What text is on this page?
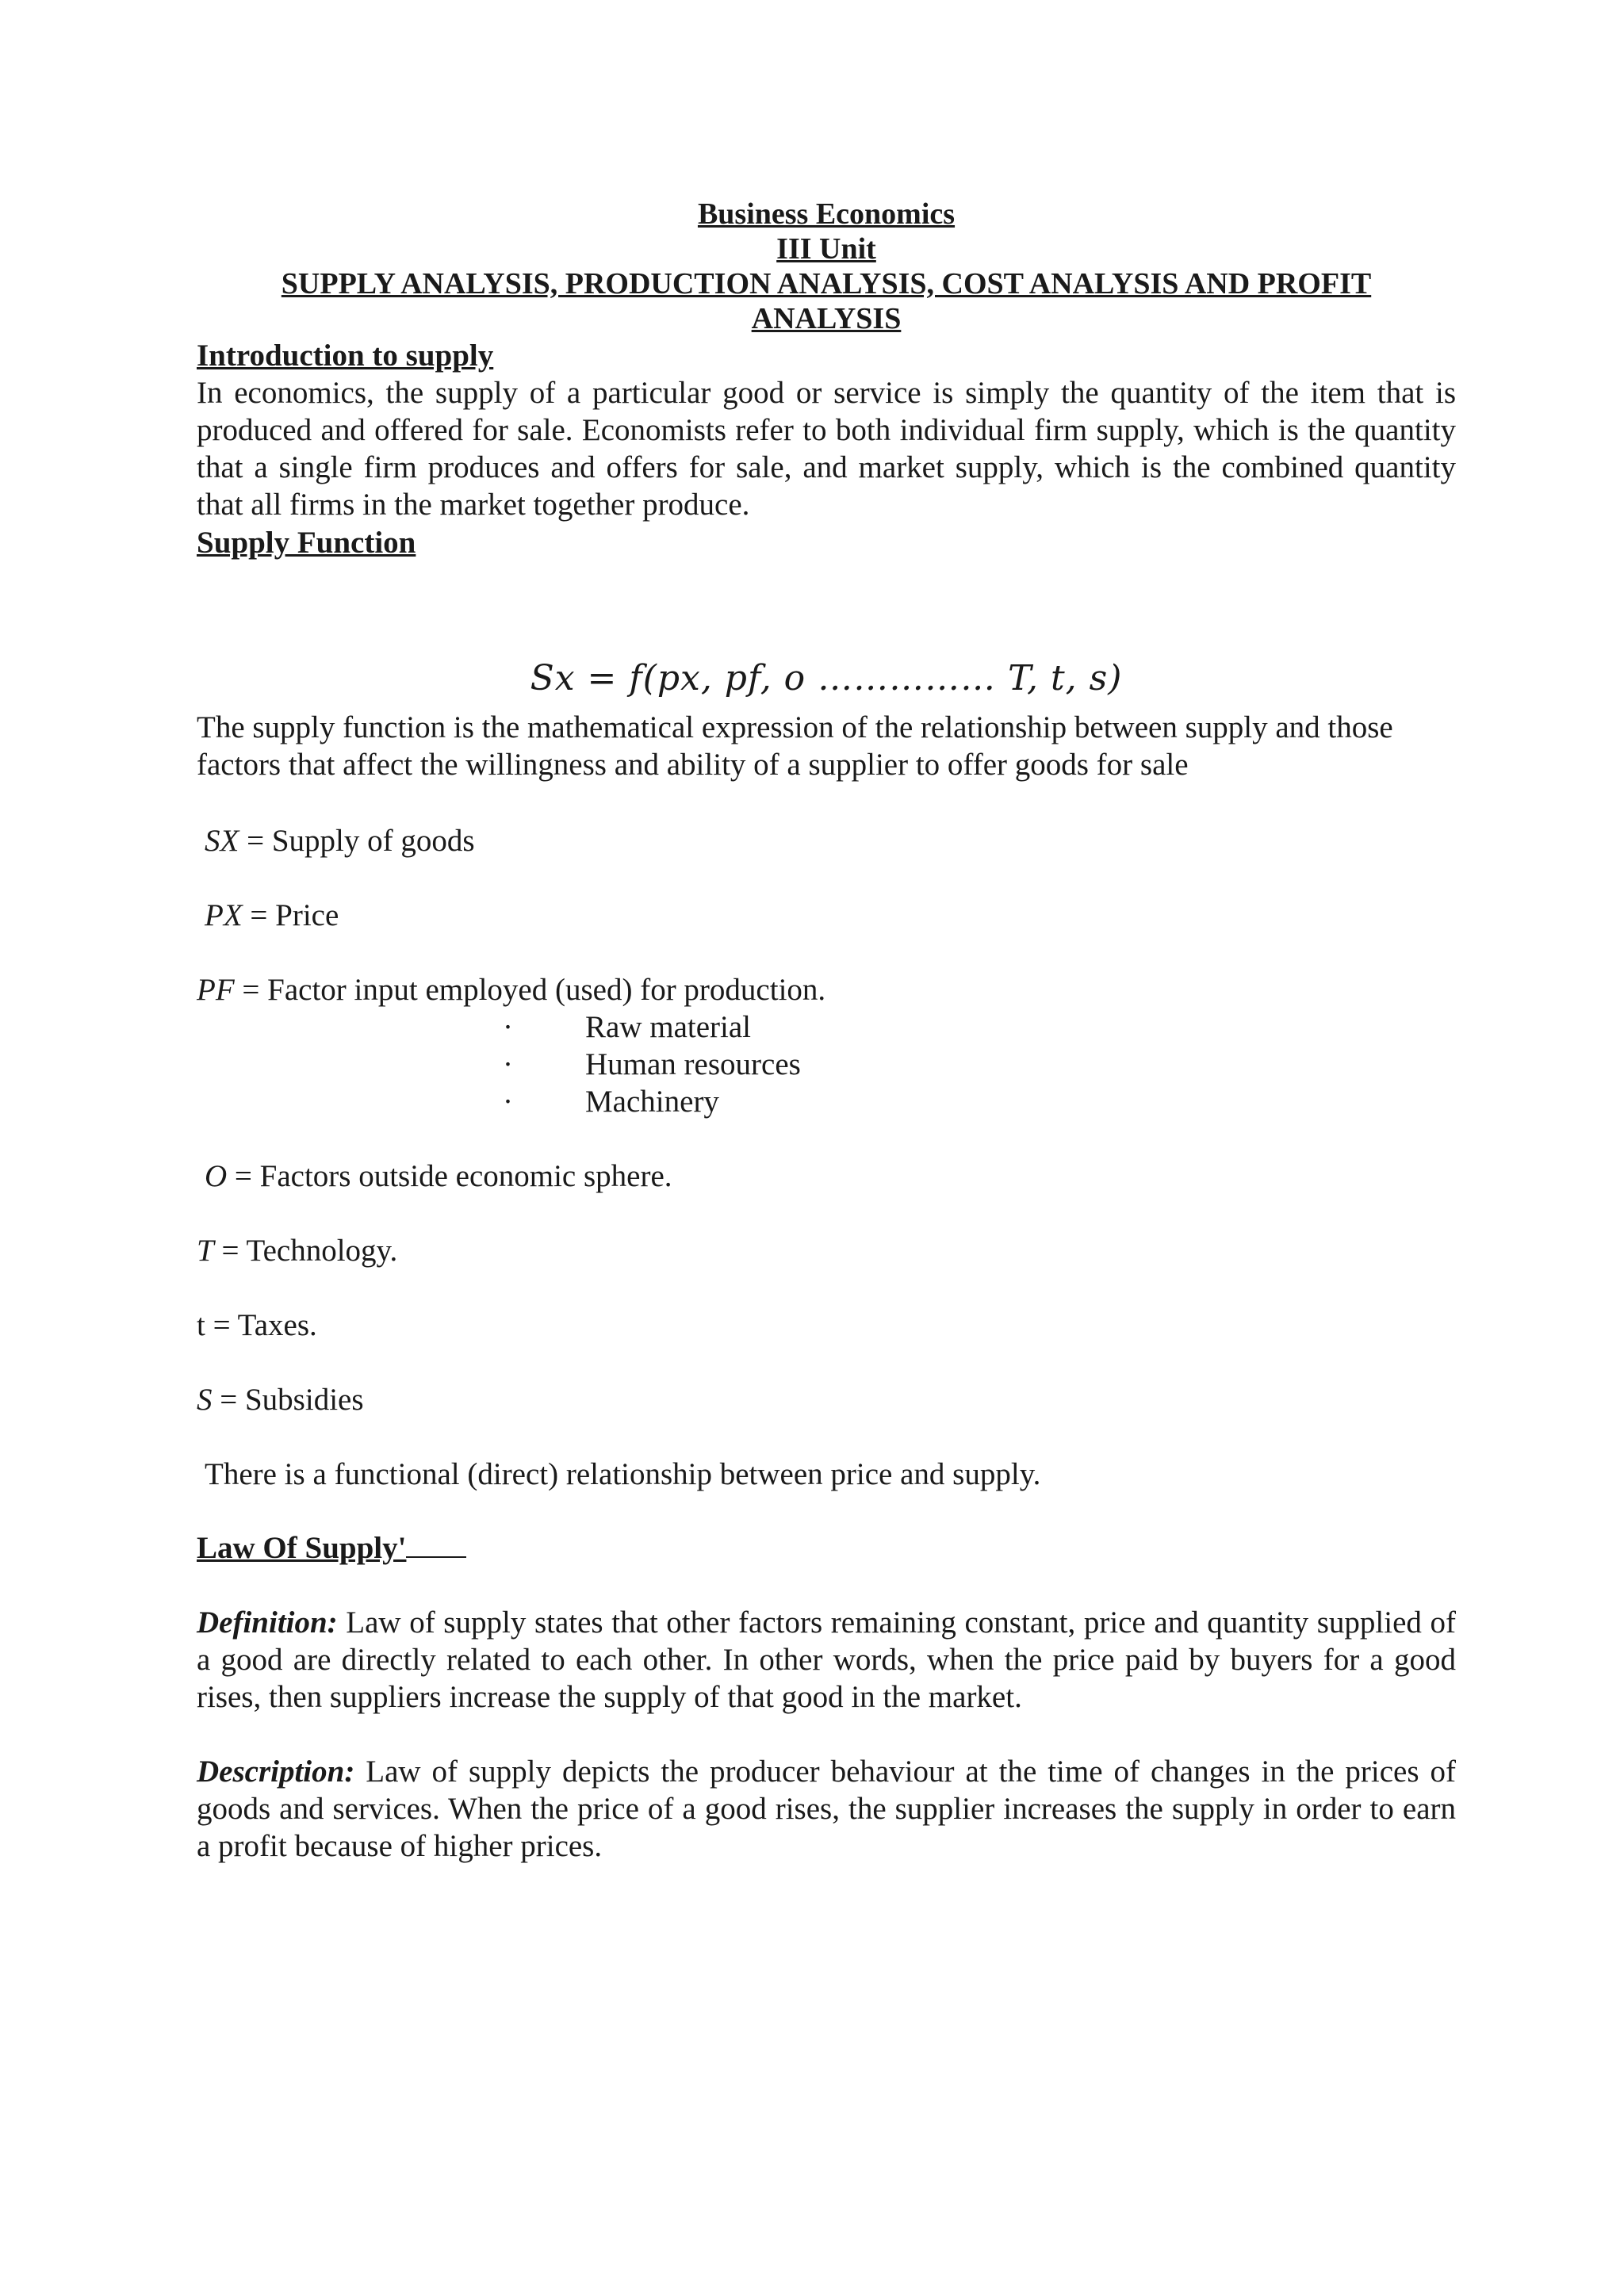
Business Economics

III Unit

SUPPLY ANALYSIS, PRODUCTION ANALYSIS, COST ANALYSIS AND PROFIT ANALYSIS

Introduction to supply

In economics, the supply of a particular good or service is simply the quantity of the item that is produced and offered for sale. Economists refer to both individual firm supply, which is the quantity that a single firm produces and offers for sale, and market supply, which is the combined quantity that all firms in the market together produce.

Supply Function

Sx = f(px, pf, o …………… T, t, s)

The supply function is the mathematical expression of the relationship between supply and those factors that affect the willingness and ability of a supplier to offer goods for sale

SX = Supply of goods

PX = Price

PF = Factor input employed (used) for production.

· Raw material
· Human resources
· Machinery

O = Factors outside economic sphere.

T = Technology.

t = Taxes.

S = Subsidies

There is a functional (direct) relationship between price and supply.

Law Of Supply'

Definition: Law of supply states that other factors remaining constant, price and quantity supplied of a good are directly related to each other. In other words, when the price paid by buyers for a good rises, then suppliers increase the supply of that good in the market.

Description: Law of supply depicts the producer behaviour at the time of changes in the prices of goods and services. When the price of a good rises, the supplier increases the supply in order to earn a profit because of higher prices.
